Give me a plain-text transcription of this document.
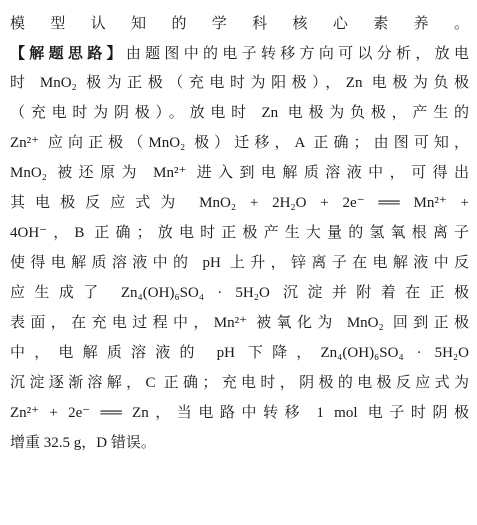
模型认知的学科核心素养。
【解题思路】由题图中的电子转移方向可以分析，放电
时 MnO₂ 极为正极（充电时为阳极），Zn 电极为负极
（充电时为阴极）。放电时 Zn 电极为负极，产生的
Zn²⁺ 应向正极（MnO₂ 极）迁移，A 正确；由图可知，
MnO₂ 被还原为 Mn²⁺ 进入到电解质溶液中，可得出
其电极反应式为 MnO₂ + 2H₂O + 2e⁻ ══ Mn²⁺ +
4OH⁻，B 正确；放电时正极产生大量的氢氧根离子
使得电解质溶液中的 pH 上升，锌离子在电解液中反
应生成了 Zn₄(OH)₆SO₄ · 5H₂O 沉淀并附着在正极
表面，在充电过程中，Mn²⁺ 被氧化为 MnO₂ 回到正极
中，电解质溶液的 pH 下降，Zn₄(OH)₆SO₄ · 5H₂O
沉淀逐渐溶解，C 正确；充电时，阴极的电极反应式为
Zn²⁺ + 2e⁻ ══ Zn，当电路中转移 1 mol 电子时阴极
增重 32.5 g，D 错误。
